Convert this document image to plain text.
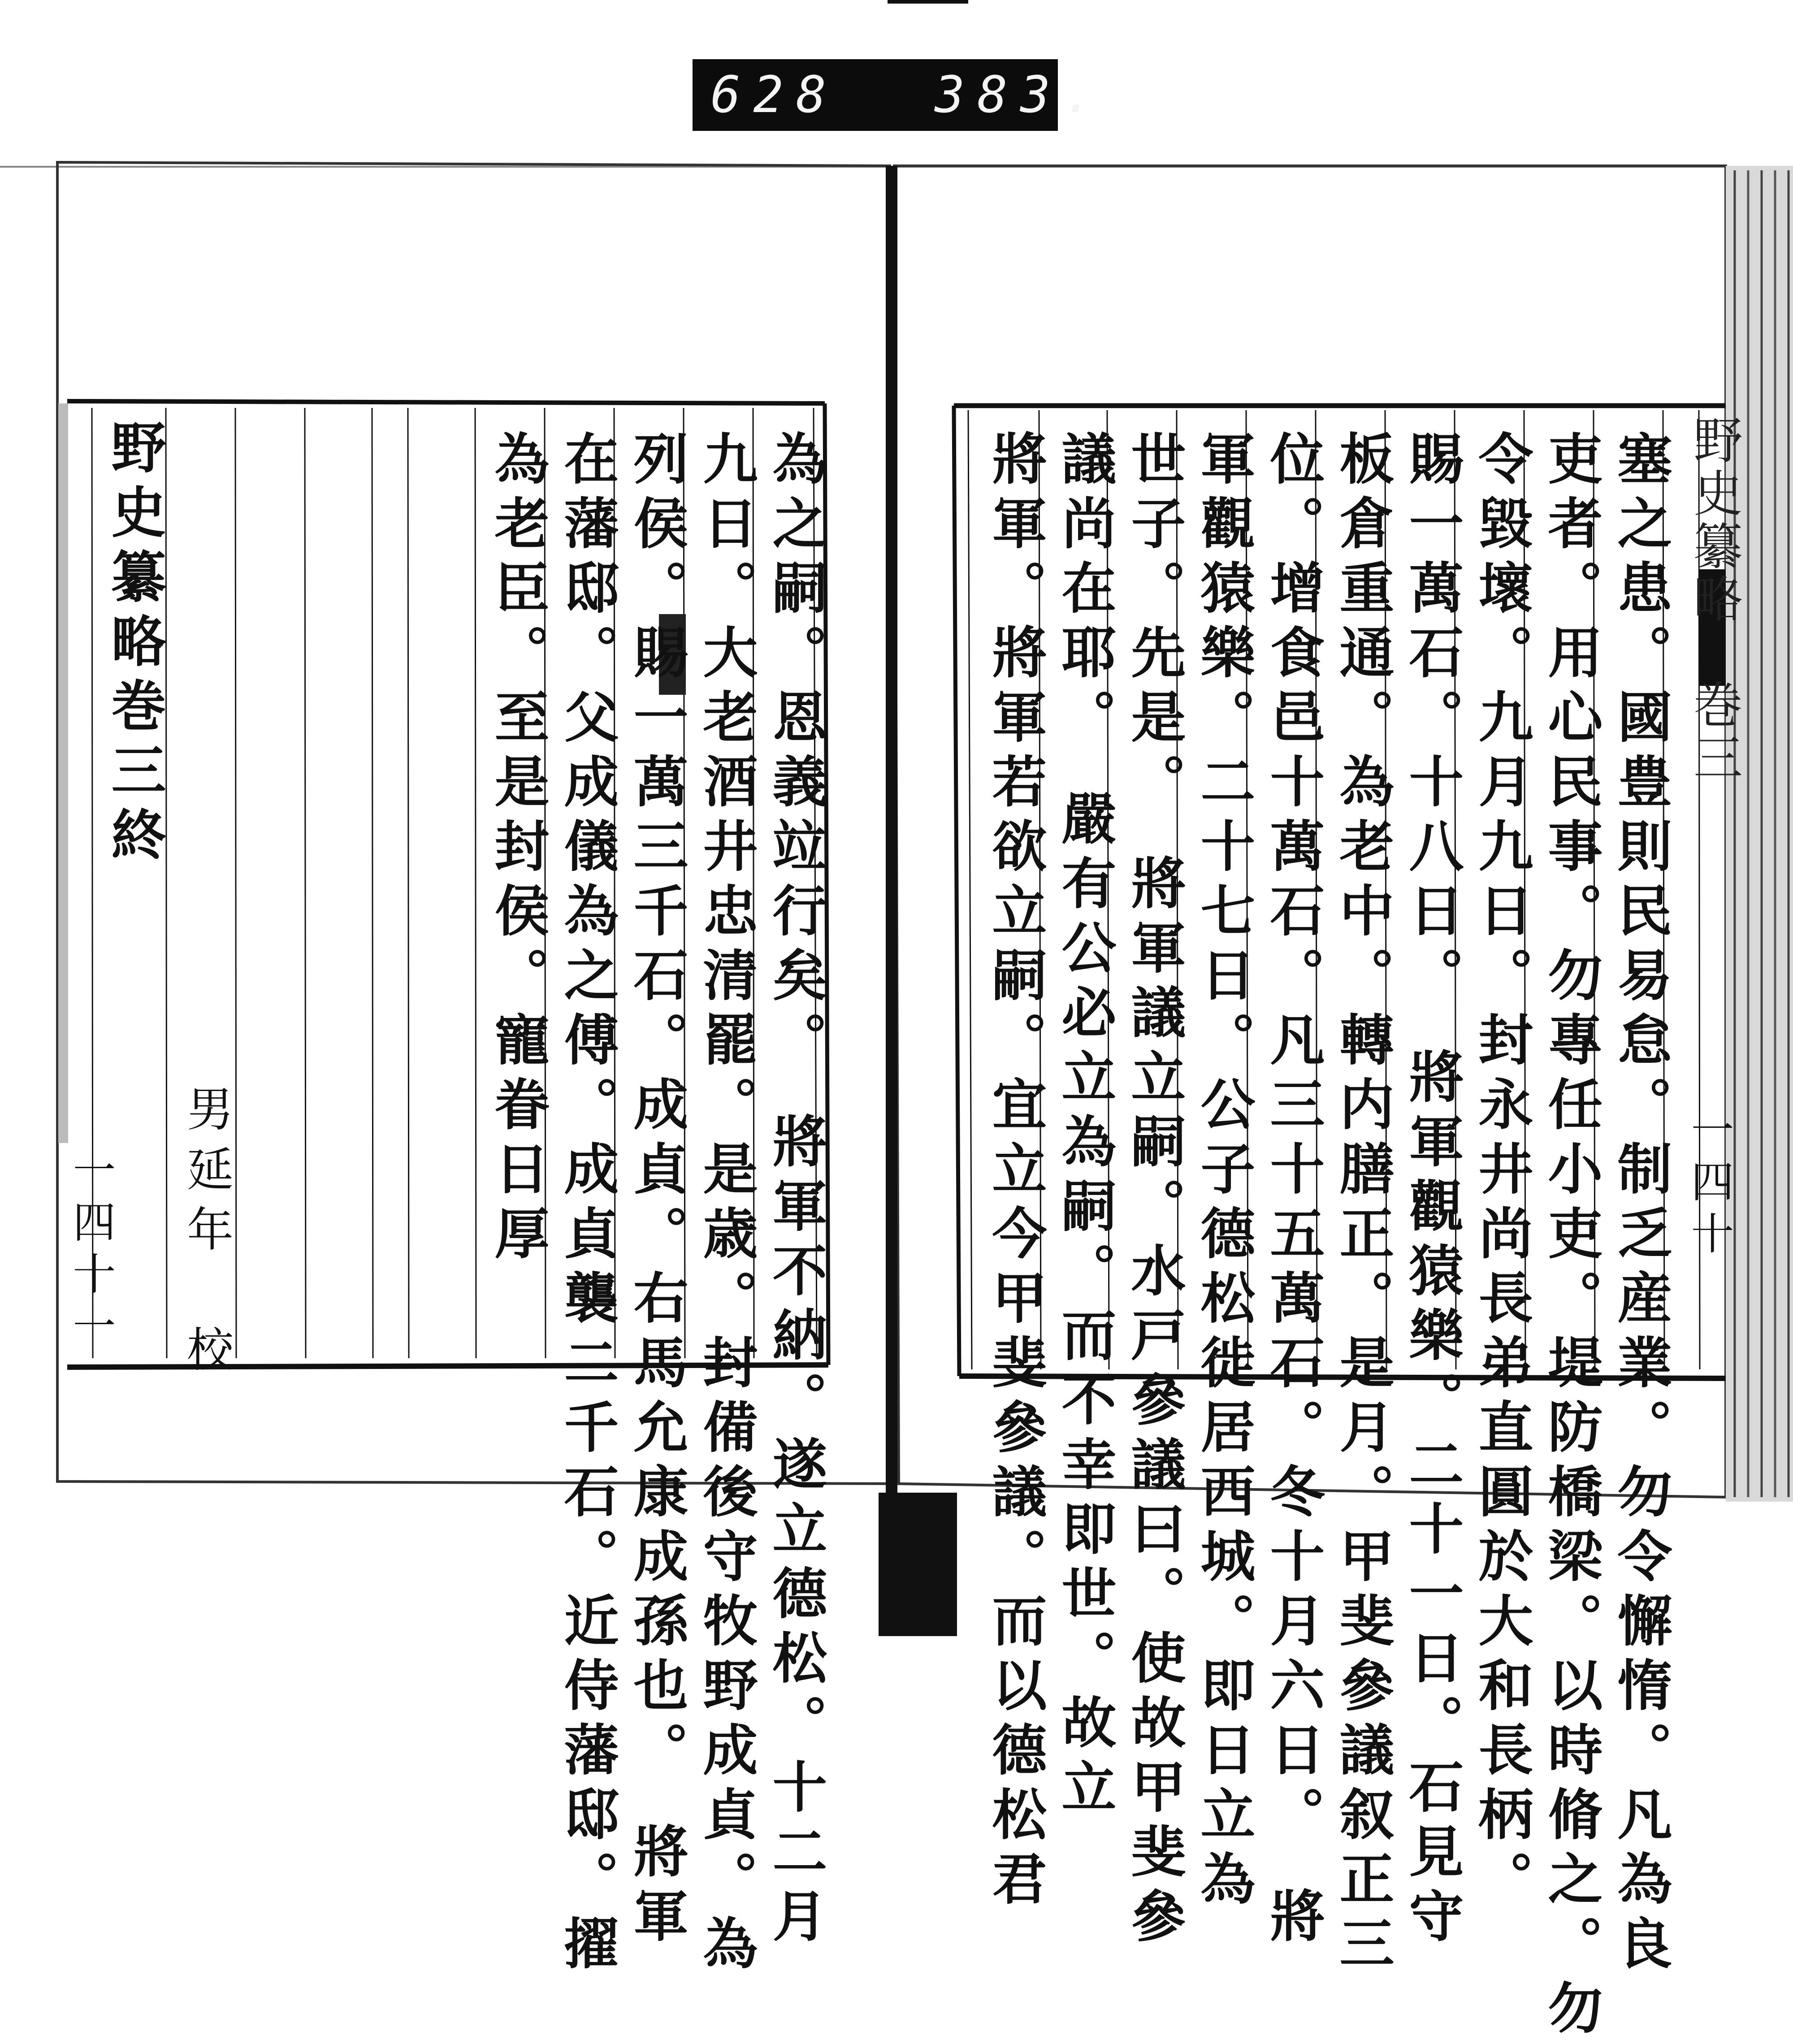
628 383.
野史纂略　巻三
一四十
塞之患。國豊則民易怠。制乏産業。勿令懈惰。凡為良
吏者。用心民事。勿專任小吏。堤防橋梁。以時脩之。勿
令毀壞。九月九日。封永井尚長弟直圓於大和長柄。
賜一萬石。十八日。　將軍觀猿樂。二十一日。石見守
板倉重通。為老中。轉内膳正。是月。甲斐參議叙正三
位。增食邑十萬石。凡三十五萬石。冬十月六日。　將
軍觀猿樂。二十七日。公子德松徙居西城。即日立為
世子。先是。　將軍議立嗣。水戸參議曰。使故甲斐參
議尚在耶。　嚴有公必立為嗣。而不幸即世。故立
將軍。將軍若欲立嗣。宜立今甲斐參議。而以德松君
一四十一	為之嗣。恩義竝行矣。　將軍不納。遂立德松。十二月
九日。大老酒井忠清罷。是歳。封備後守牧野成貞。為
列侯。賜一萬三千石。成貞。右馬允康成孫也。　將軍
在藩邸。父成儀為之傅。成貞襲二千石。近侍藩邸。擢
為老臣。至是封侯。寵眷日厚
男延年　校
野史纂略巻三終
